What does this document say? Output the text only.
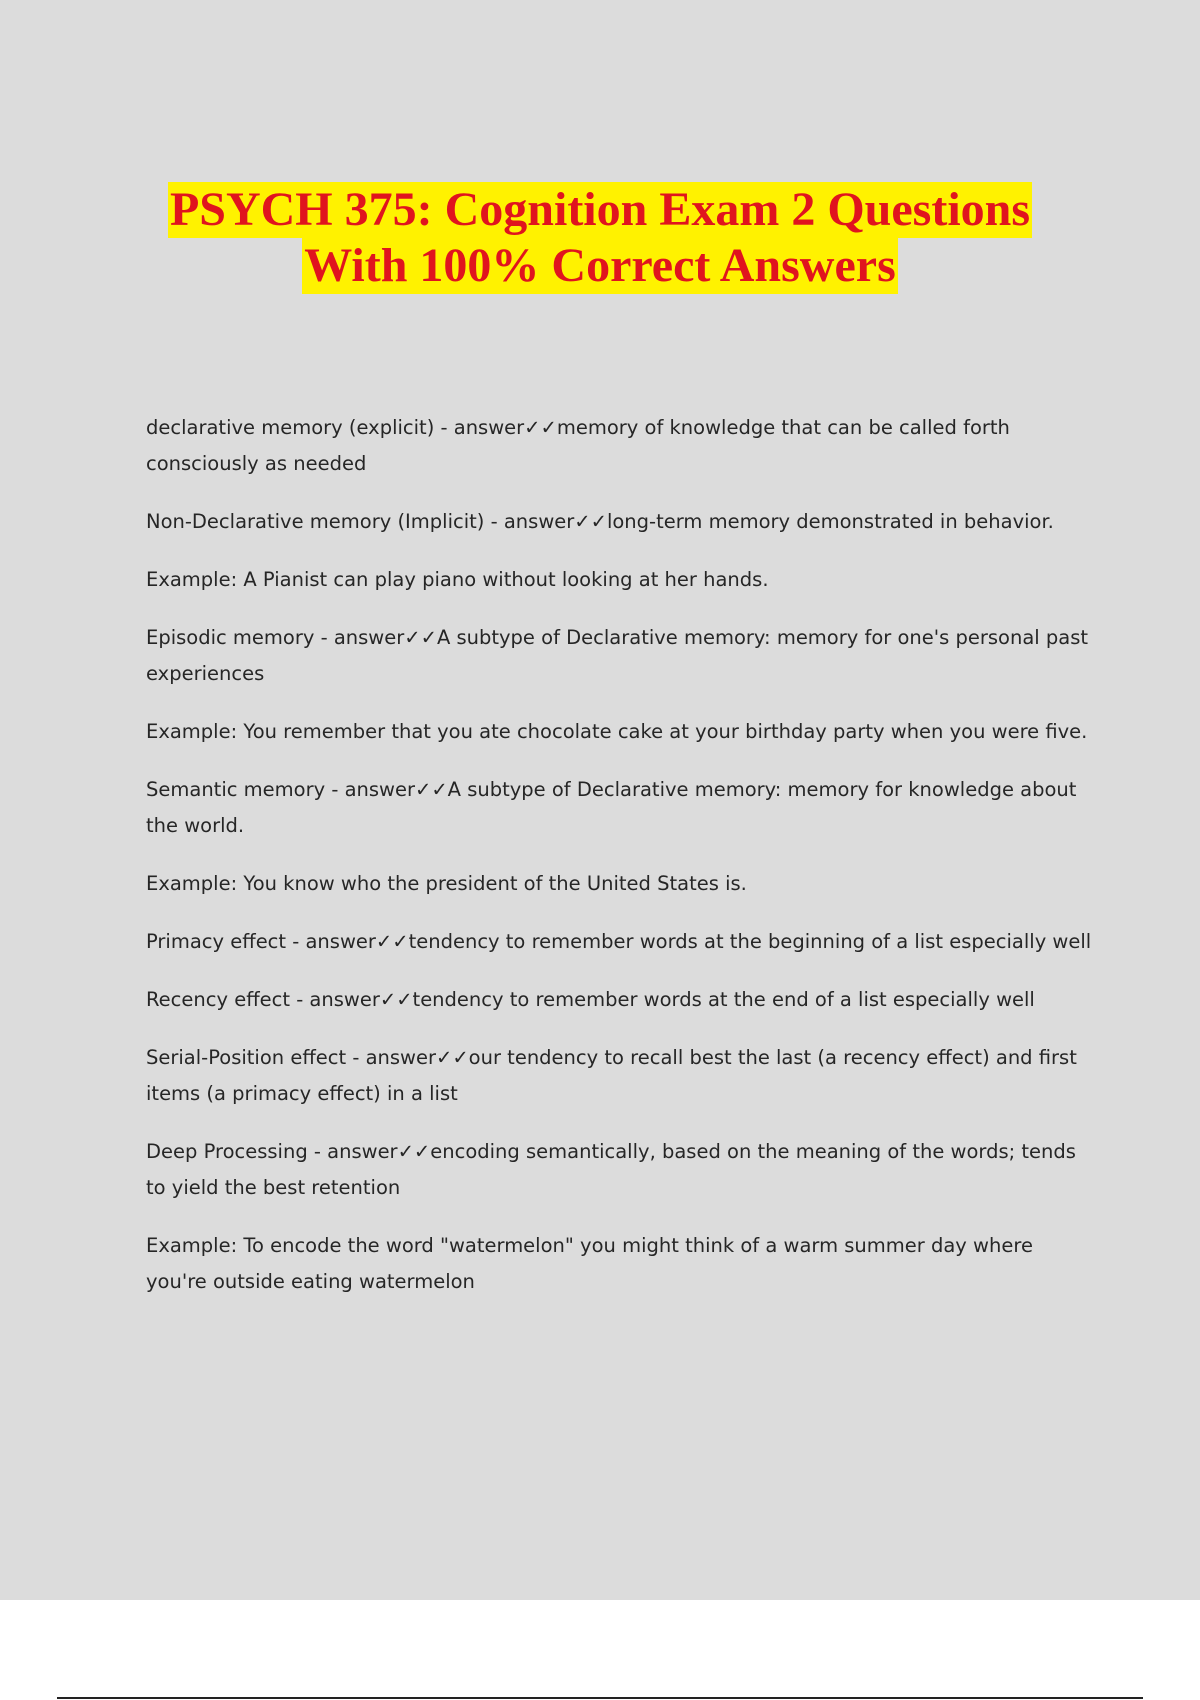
PSYCH 375: Cognition Exam 2 Questions
With 100% Correct Answers

declarative memory (explicit) - answer✓✓memory of knowledge that can be called forth consciously as needed

Non-Declarative memory (Implicit) - answer✓✓long-term memory demonstrated in behavior.

Example: A Pianist can play piano without looking at her hands.

Episodic memory - answer✓✓A subtype of Declarative memory: memory for one's personal past experiences

Example: You remember that you ate chocolate cake at your birthday party when you were five.

Semantic memory - answer✓✓A subtype of Declarative memory: memory for knowledge about the world.

Example: You know who the president of the United States is.

Primacy effect - answer✓✓tendency to remember words at the beginning of a list especially well

Recency effect - answer✓✓tendency to remember words at the end of a list especially well

Serial-Position effect - answer✓✓our tendency to recall best the last (a recency effect) and first items (a primacy effect) in a list

Deep Processing - answer✓✓encoding semantically, based on the meaning of the words; tends to yield the best retention

Example: To encode the word "watermelon" you might think of a warm summer day where you're outside eating watermelon
